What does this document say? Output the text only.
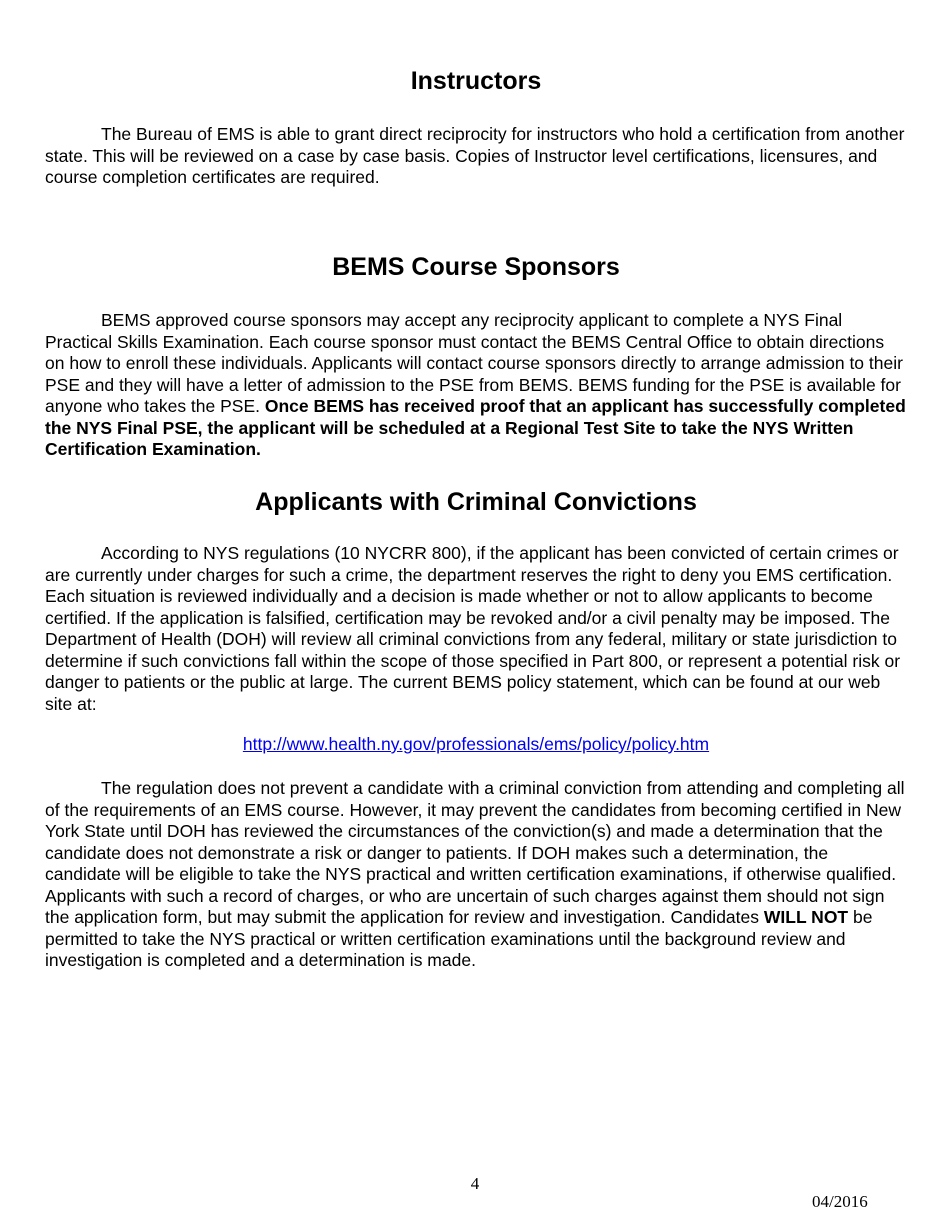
Instructors

The Bureau of EMS is able to grant direct reciprocity for instructors who hold a certification from another state. This will be reviewed on a case by case basis. Copies of Instructor level certifications, licensures, and course completion certificates are required.

BEMS Course Sponsors

BEMS approved course sponsors may accept any reciprocity applicant to complete a NYS Final Practical Skills Examination. Each course sponsor must contact the BEMS Central Office to obtain directions on how to enroll these individuals. Applicants will contact course sponsors directly to arrange admission to their PSE and they will have a letter of admission to the PSE from BEMS. BEMS funding for the PSE is available for anyone who takes the PSE. Once BEMS has received proof that an applicant has successfully completed the NYS Final PSE, the applicant will be scheduled at a Regional Test Site to take the NYS Written Certification Examination.

Applicants with Criminal Convictions

According to NYS regulations (10 NYCRR 800), if the applicant has been convicted of certain crimes or are currently under charges for such a crime, the department reserves the right to deny you EMS certification. Each situation is reviewed individually and a decision is made whether or not to allow applicants to become certified. If the application is falsified, certification may be revoked and/or a civil penalty may be imposed. The Department of Health (DOH) will review all criminal convictions from any federal, military or state jurisdiction to determine if such convictions fall within the scope of those specified in Part 800, or represent a potential risk or danger to patients or the public at large. The current BEMS policy statement, which can be found at our web site at:

http://www.health.ny.gov/professionals/ems/policy/policy.htm

The regulation does not prevent a candidate with a criminal conviction from attending and completing all of the requirements of an EMS course. However, it may prevent the candidates from becoming certified in New York State until DOH has reviewed the circumstances of the conviction(s) and made a determination that the candidate does not demonstrate a risk or danger to patients. If DOH makes such a determination, the candidate will be eligible to take the NYS practical and written certification examinations, if otherwise qualified. Applicants with such a record of charges, or who are uncertain of such charges against them should not sign the application form, but may submit the application for review and investigation. Candidates WILL NOT be permitted to take the NYS practical or written certification examinations until the background review and investigation is completed and a determination is made.

4
04/2016
